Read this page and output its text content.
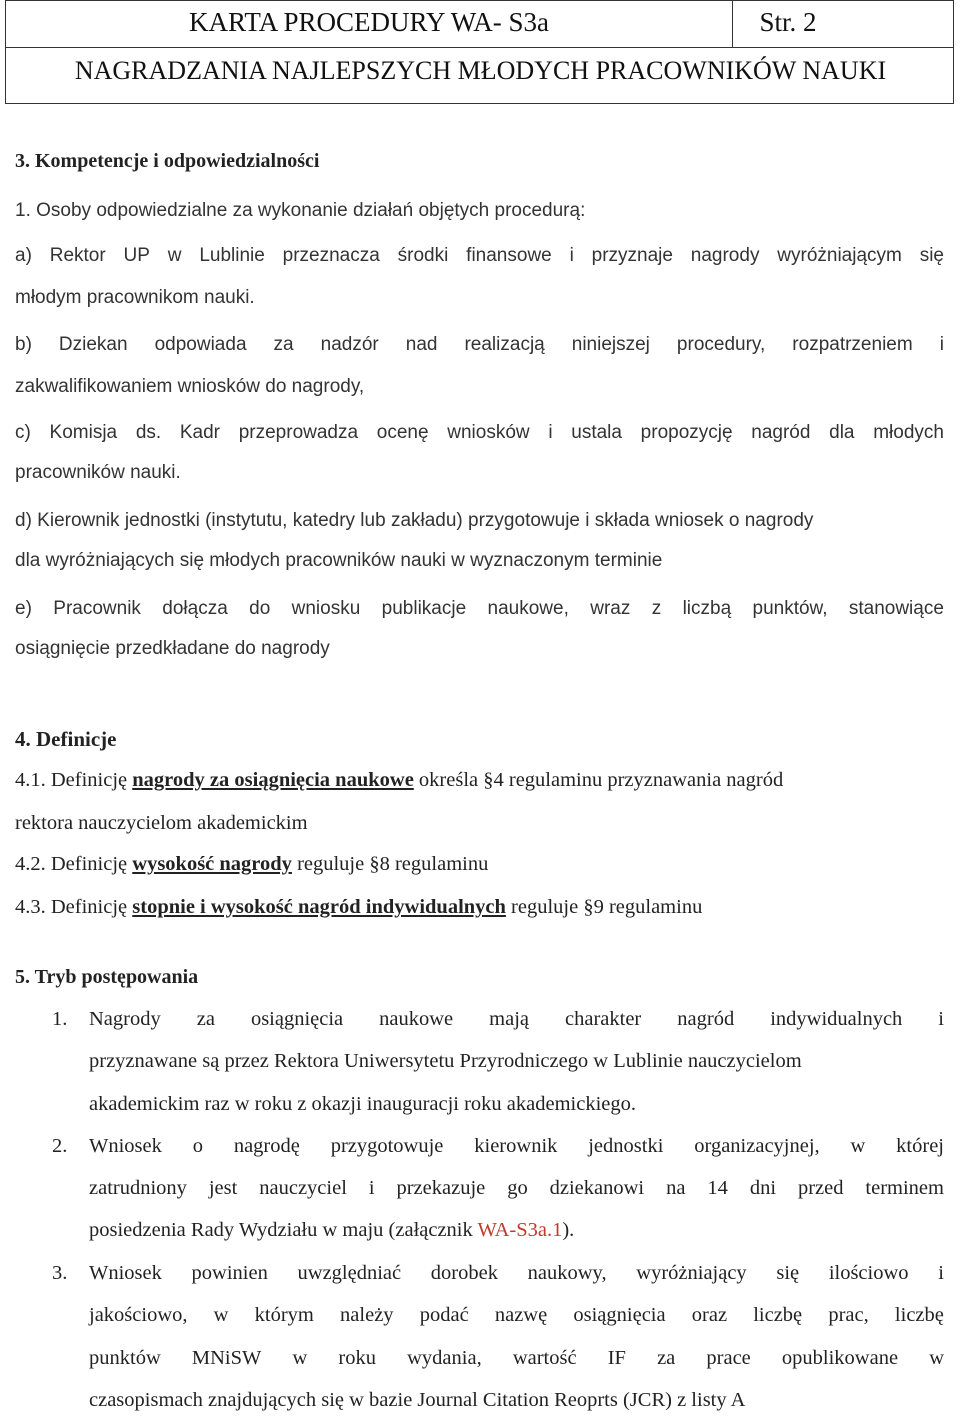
KARTA PROCEDURY WA- S3a	Str. 2
NAGRADZANIA NAJLEPSZYCH MŁODYCH PRACOWNIKÓW NAUKI
3. Kompetencje i odpowiedzialności
1. Osoby odpowiedzialne za wykonanie działań objętych procedurą:
a) Rektor UP w Lublinie przeznacza środki finansowe i przyznaje nagrody wyróżniającym się
młodym pracownikom nauki.
b) Dziekan odpowiada za nadzór nad realizacją niniejszej procedury, rozpatrzeniem i
zakwalifikowaniem wniosków do nagrody,
c) Komisja ds. Kadr przeprowadza ocenę wniosków i ustala propozycję nagród dla młodych
pracowników nauki.
d) Kierownik jednostki (instytutu, katedry lub zakładu) przygotowuje i składa wniosek o nagrody
dla wyróżniających się młodych pracowników nauki w wyznaczonym terminie
e) Pracownik dołącza do wniosku publikacje naukowe, wraz z liczbą punktów, stanowiące
osiągnięcie przedkładane do nagrody
4. Definicje
4.1. Definicję nagrody za osiągnięcia naukowe określa §4 regulaminu przyznawania nagród
rektora nauczycielom akademickim
4.2. Definicję wysokość nagrody reguluje §8 regulaminu
4.3. Definicję stopnie i wysokość nagród indywidualnych reguluje §9 regulaminu
5. Tryb postępowania
1. Nagrody za osiągnięcia naukowe mają charakter nagród indywidualnych i
przyznawane są przez Rektora Uniwersytetu Przyrodniczego w Lublinie nauczycielom
akademickim raz w roku z okazji inauguracji roku akademickiego.
2. Wniosek o nagrodę przygotowuje kierownik jednostki organizacyjnej, w której
zatrudniony jest nauczyciel i przekazuje go dziekanowi na 14 dni przed terminem
posiedzenia Rady Wydziału w maju (załącznik WA-S3a.1).
3. Wniosek powinien uwzględniać dorobek naukowy, wyróżniający się ilościowo i
jakościowo, w którym należy podać nazwę osiągnięcia oraz liczbę prac, liczbę
punktów MNiSW w roku wydania, wartość IF za prace opublikowane w
czasopismach znajdujących się w bazie Journal Citation Reoprts (JCR) z listy A
